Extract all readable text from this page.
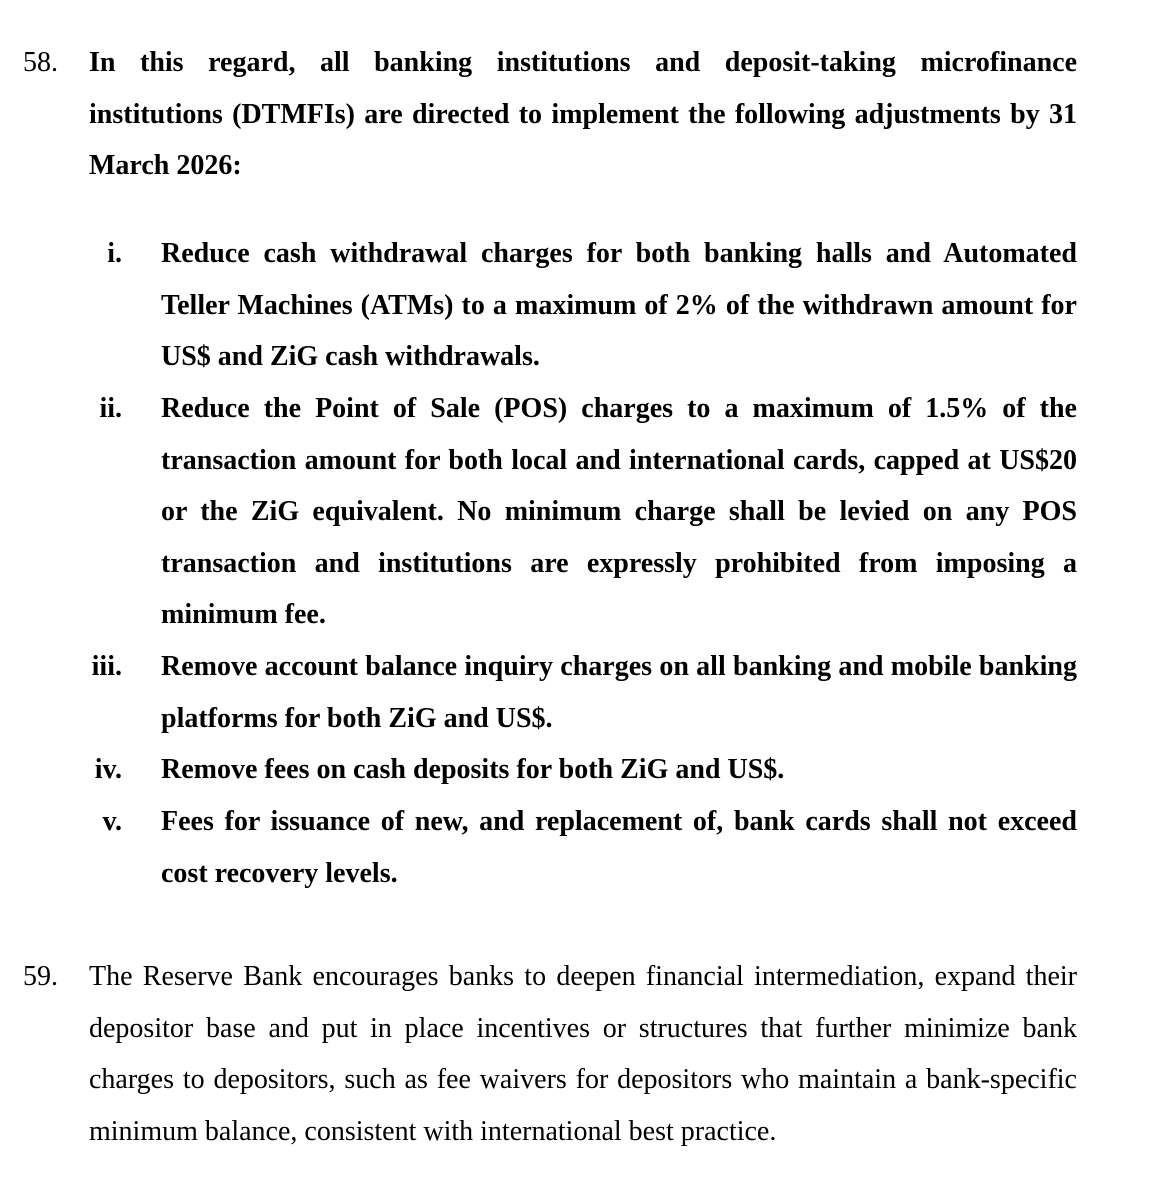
58. In this regard, all banking institutions and deposit-taking microfinance institutions (DTMFIs) are directed to implement the following adjustments by 31 March 2026:
i. Reduce cash withdrawal charges for both banking halls and Automated Teller Machines (ATMs) to a maximum of 2% of the withdrawn amount for US$ and ZiG cash withdrawals.
ii. Reduce the Point of Sale (POS) charges to a maximum of 1.5% of the transaction amount for both local and international cards, capped at US$20 or the ZiG equivalent. No minimum charge shall be levied on any POS transaction and institutions are expressly prohibited from imposing a minimum fee.
iii. Remove account balance inquiry charges on all banking and mobile banking platforms for both ZiG and US$.
iv. Remove fees on cash deposits for both ZiG and US$.
v. Fees for issuance of new, and replacement of, bank cards shall not exceed cost recovery levels.
59. The Reserve Bank encourages banks to deepen financial intermediation, expand their depositor base and put in place incentives or structures that further minimize bank charges to depositors, such as fee waivers for depositors who maintain a bank-specific minimum balance, consistent with international best practice.
